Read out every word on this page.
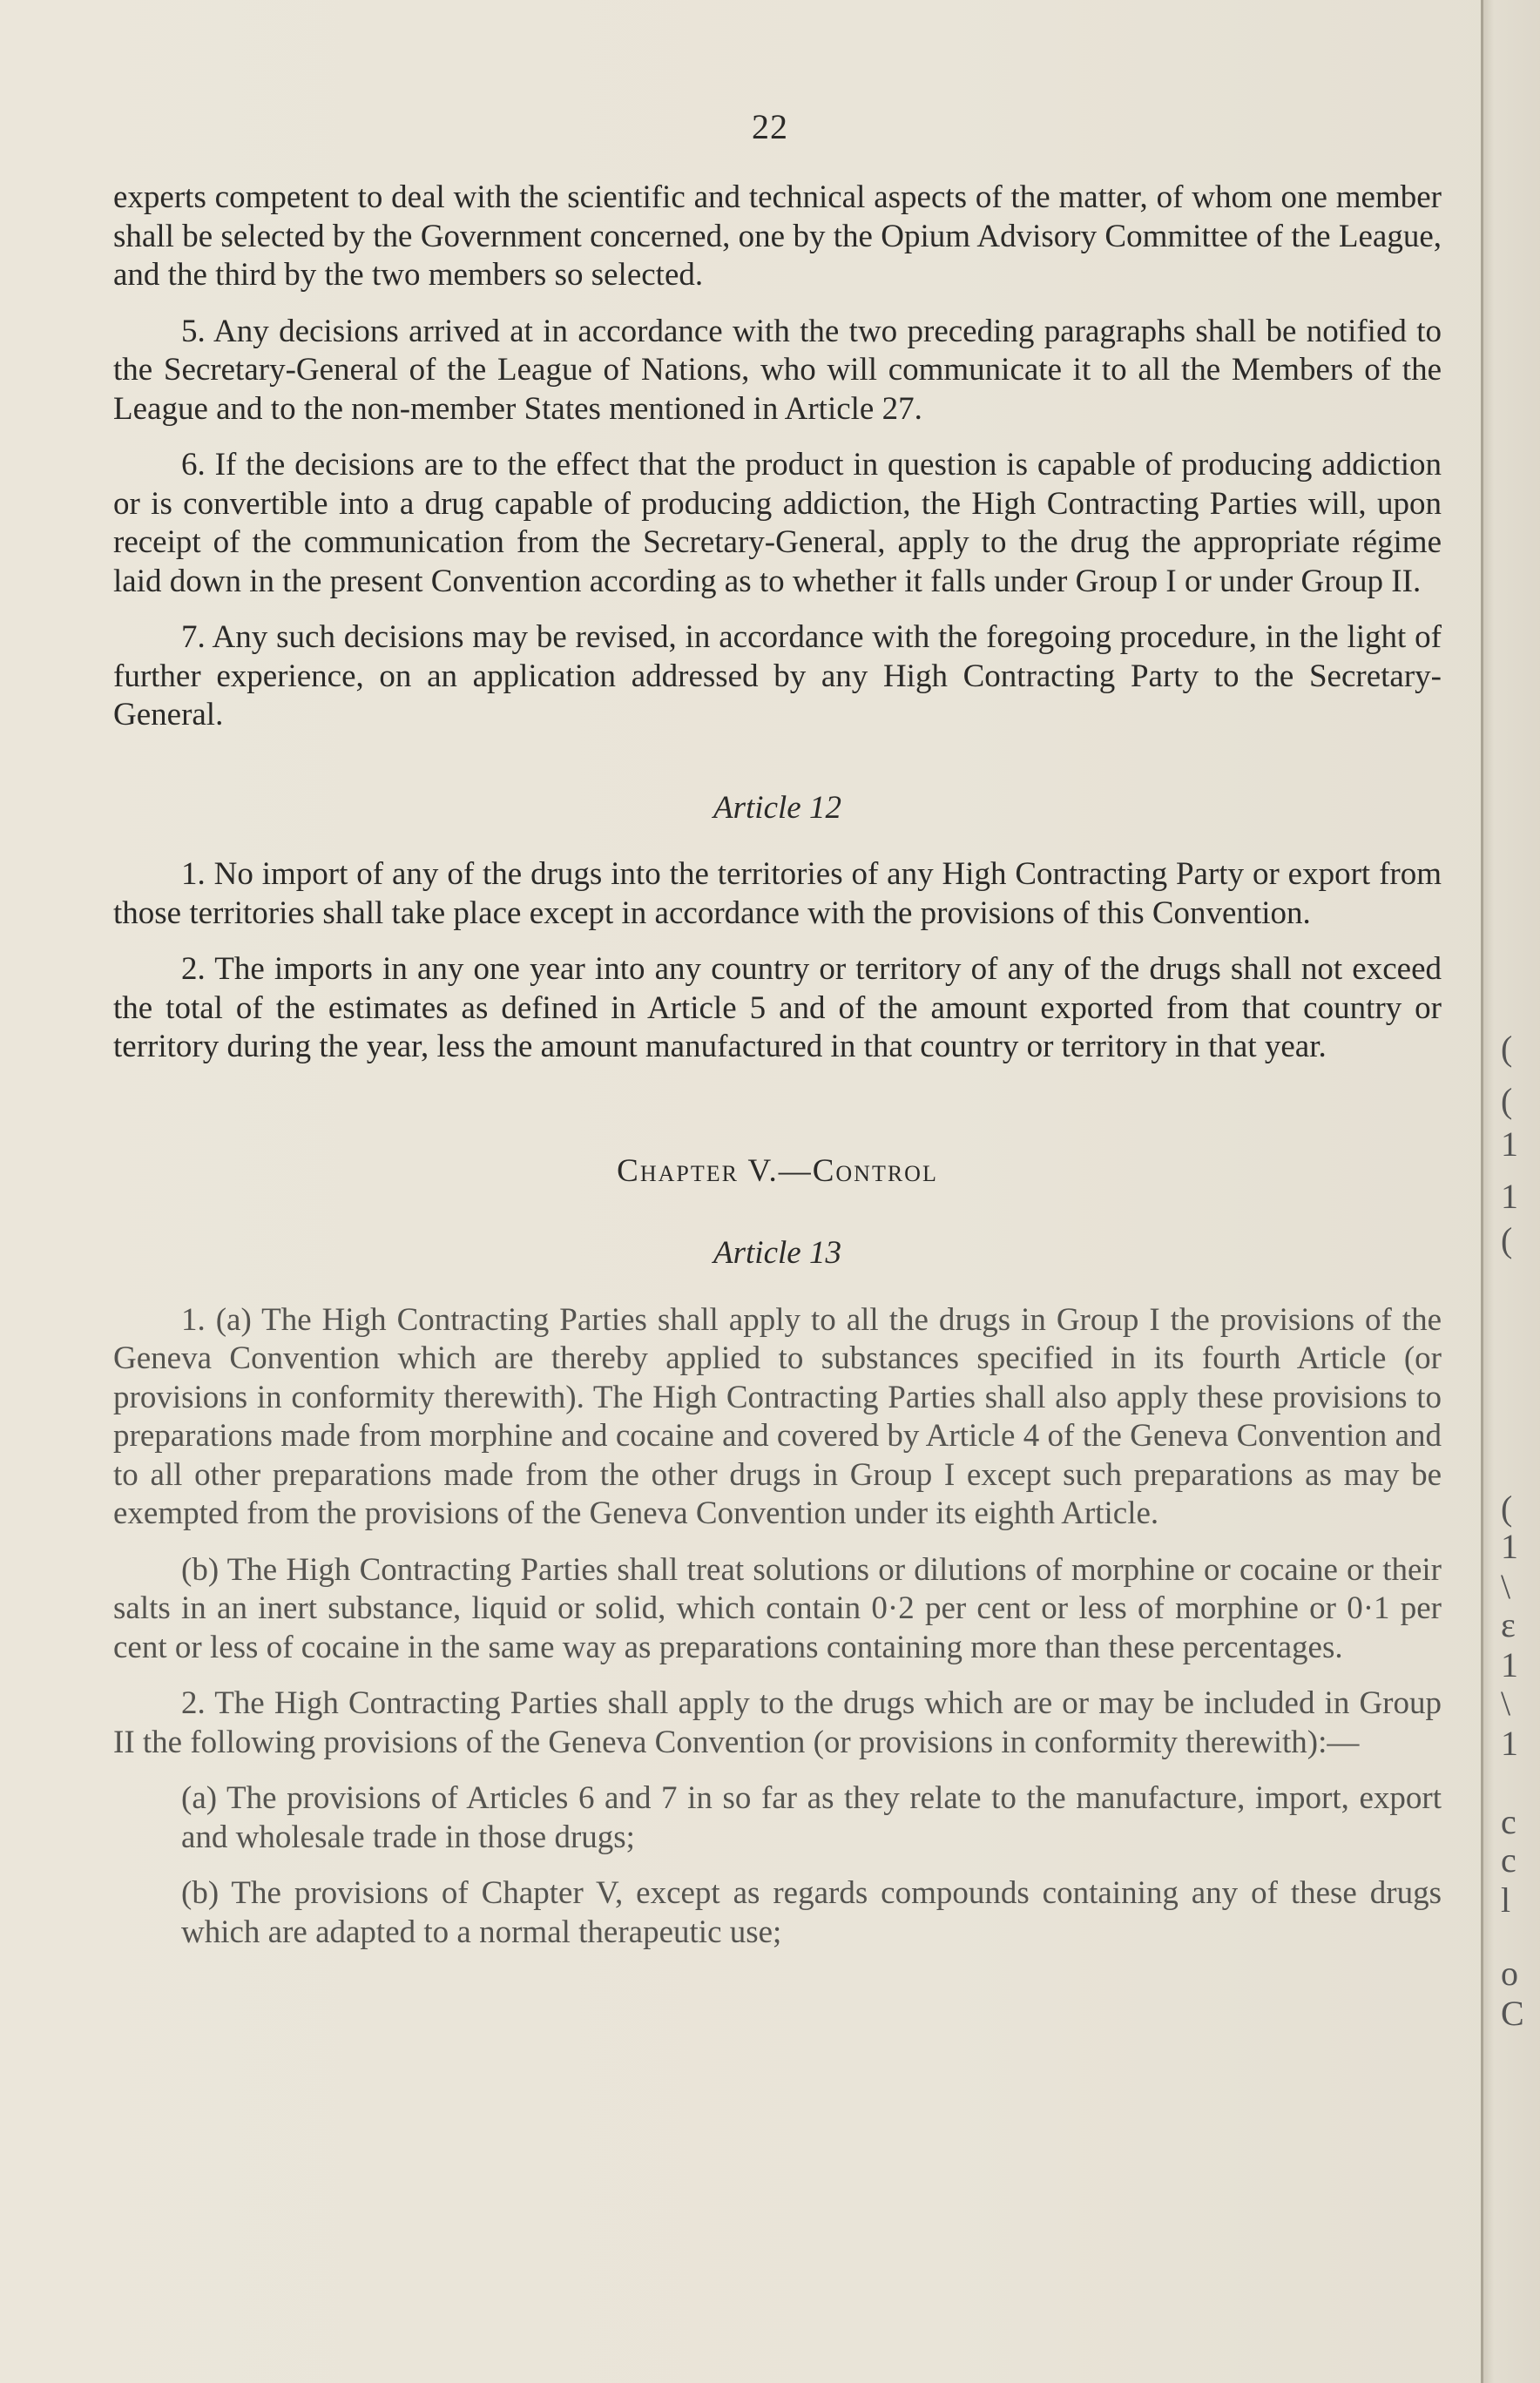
22

experts competent to deal with the scientific and technical aspects of the matter, of whom one member shall be selected by the Government concerned, one by the Opium Advisory Committee of the League, and the third by the two members so selected.

5. Any decisions arrived at in accordance with the two preceding paragraphs shall be notified to the Secretary-General of the League of Nations, who will communicate it to all the Members of the League and to the non-member States mentioned in Article 27.

6. If the decisions are to the effect that the product in question is capable of producing addiction or is convertible into a drug capable of producing addiction, the High Contracting Parties will, upon receipt of the communication from the Secretary-General, apply to the drug the appropriate régime laid down in the present Convention according as to whether it falls under Group I or under Group II.

7. Any such decisions may be revised, in accordance with the foregoing procedure, in the light of further experience, on an application addressed by any High Contracting Party to the Secretary-General.

Article 12

1. No import of any of the drugs into the territories of any High Contracting Party or export from those territories shall take place except in accordance with the provisions of this Convention.

2. The imports in any one year into any country or territory of any of the drugs shall not exceed the total of the estimates as defined in Article 5 and of the amount exported from that country or territory during the year, less the amount manufactured in that country or territory in that year.

Chapter V.—Control
Article 13

1. (a) The High Contracting Parties shall apply to all the drugs in Group I the provisions of the Geneva Convention which are thereby applied to substances specified in its fourth Article (or provisions in conformity therewith). The High Contracting Parties shall also apply these provisions to preparations made from morphine and cocaine and covered by Article 4 of the Geneva Convention and to all other preparations made from the other drugs in Group I except such preparations as may be exempted from the provisions of the Geneva Convention under its eighth Article.

(b) The High Contracting Parties shall treat solutions or dilutions of morphine or cocaine or their salts in an inert substance, liquid or solid, which contain 0·2 per cent or less of morphine or 0·1 per cent or less of cocaine in the same way as preparations containing more than these percentages.

2. The High Contracting Parties shall apply to the drugs which are or may be included in Group II the following provisions of the Geneva Convention (or provisions in conformity therewith):—

(a) The provisions of Articles 6 and 7 in so far as they relate to the manufacture, import, export and wholesale trade in those drugs;

(b) The provisions of Chapter V, except as regards compounds containing any of these drugs which are adapted to a normal therapeutic use;

(
(
1
1
(
(
1
\
ε
1
\
1
c
c
l
o
C
